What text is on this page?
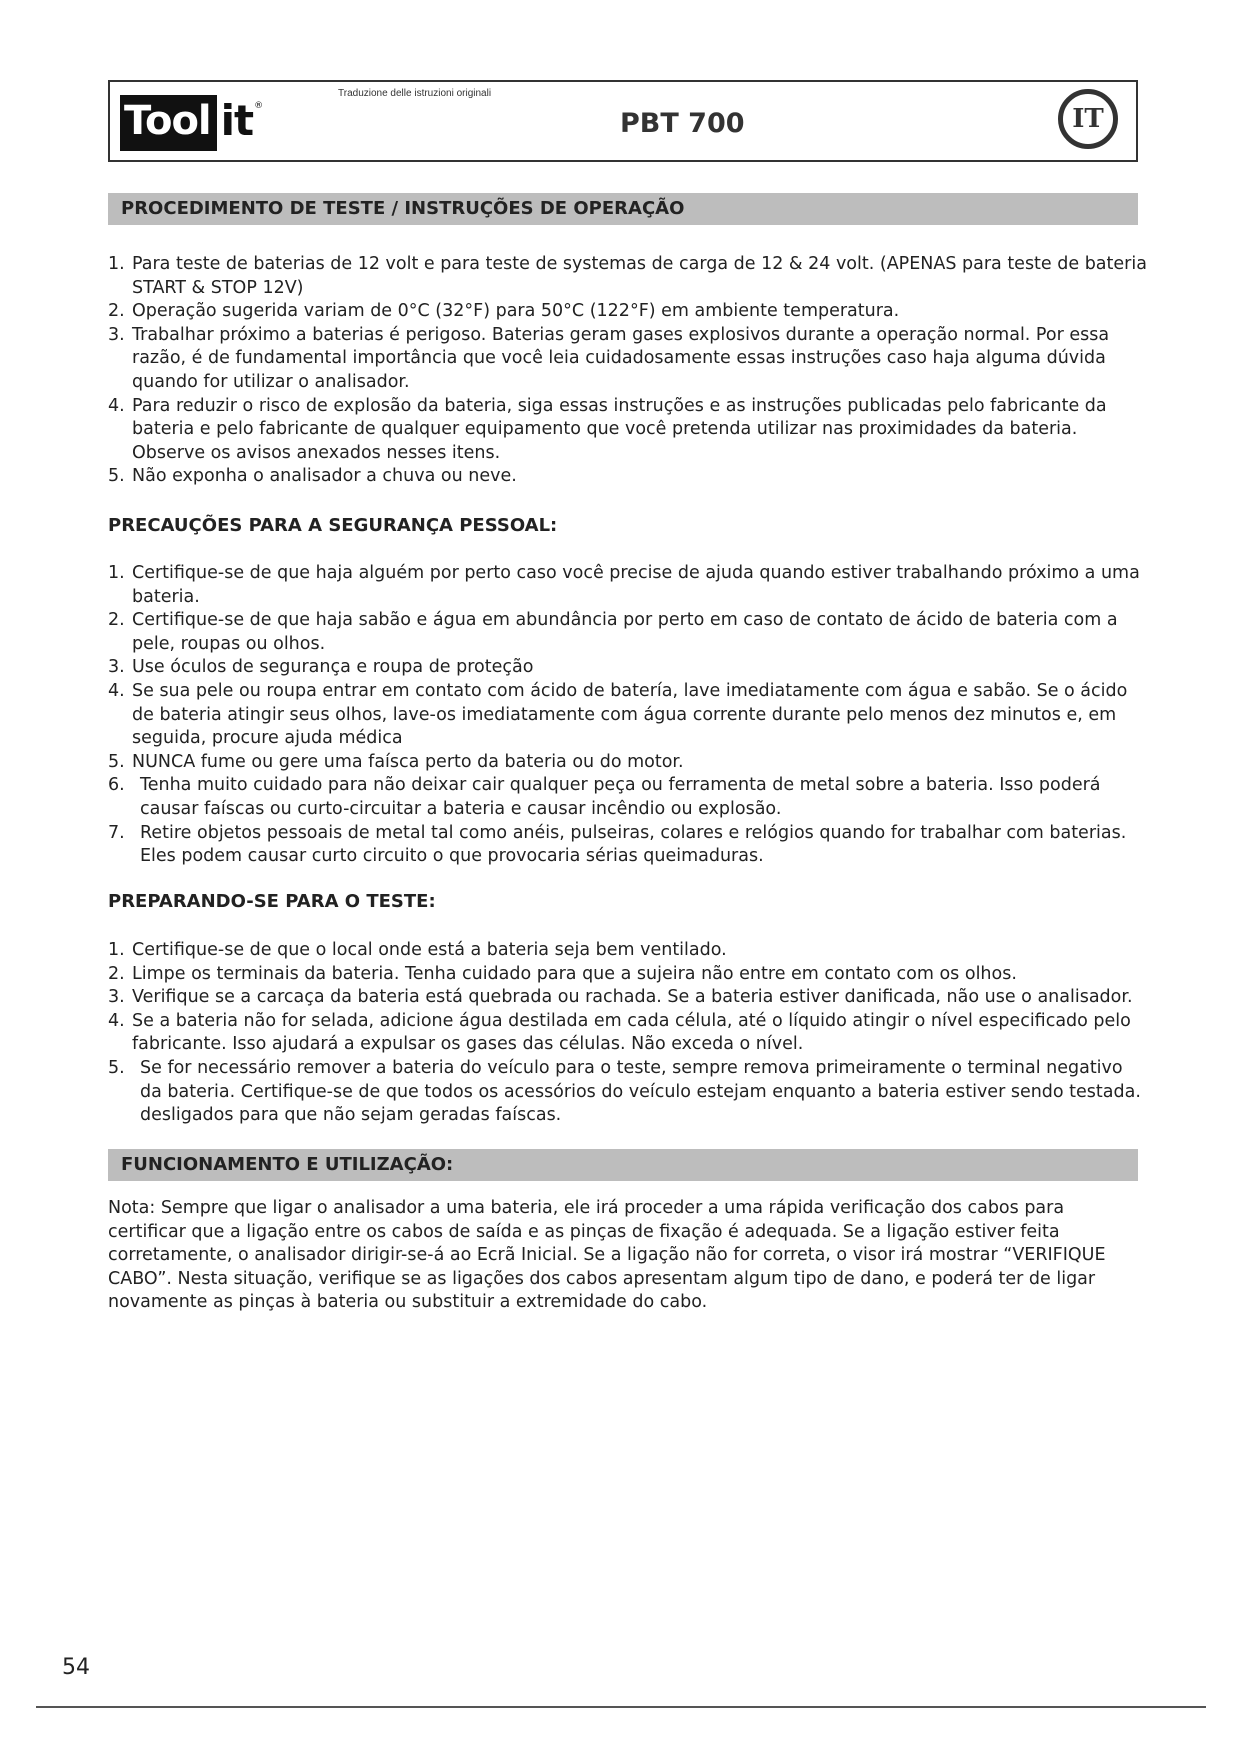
Tool it ®
Traduzione delle istruzioni originali
PBT 700	IT
PROCEDIMENTO DE TESTE / INSTRUÇÕES DE OPERAÇÃO
1. Para teste de baterias de 12 volt e para teste de systemas de carga de 12 & 24 volt. (APENAS para teste de bateria START & STOP 12V)
2. Operação sugerida variam de 0°C (32°F) para 50°C (122°F) em ambiente temperatura.
3. Trabalhar próximo a baterias é perigoso. Baterias geram gases explosivos durante a operação normal. Por essa razão, é de fundamental importância que você leia cuidadosamente essas instruções caso haja alguma dúvida quando for utilizar o analisador.
4. Para reduzir o risco de explosão da bateria, siga essas instruções e as instruções publicadas pelo fabricante da bateria e pelo fabricante de qualquer equipamento que você pretenda utilizar nas proximidades da bateria. Observe os avisos anexados nesses itens.
5. Não exponha o analisador a chuva ou neve.
PRECAUÇÕES PARA A SEGURANÇA PESSOAL:
1. Certifique-se de que haja alguém por perto caso você precise de ajuda quando estiver trabalhando próximo a uma bateria.
2. Certifique-se de que haja sabão e água em abundância por perto em caso de contato de ácido de bateria com a pele, roupas ou olhos.
3. Use óculos de segurança e roupa de proteção
4. Se sua pele ou roupa entrar em contato com ácido de batería, lave imediatamente com água e sabão. Se o ácido de bateria atingir seus olhos, lave-os imediatamente com água corrente durante pelo menos dez minutos e, em seguida, procure ajuda médica
5. NUNCA fume ou gere uma faísca perto da bateria ou do motor.
6. Tenha muito cuidado para não deixar cair qualquer peça ou ferramenta de metal sobre a bateria. Isso poderá causar faíscas ou curto-circuitar a bateria e causar incêndio ou explosão.
7. Retire objetos pessoais de metal tal como anéis, pulseiras, colares e relógios quando for trabalhar com baterias. Eles podem causar curto circuito o que provocaria sérias queimaduras.
PREPARANDO-SE PARA O TESTE:
1. Certifique-se de que o local onde está a bateria seja bem ventilado.
2. Limpe os terminais da bateria. Tenha cuidado para que a sujeira não entre em contato com os olhos.
3. Verifique se a carcaça da bateria está quebrada ou rachada. Se a bateria estiver danificada, não use o analisador.
4. Se a bateria não for selada, adicione água destilada em cada célula, até o líquido atingir o nível especificado pelo fabricante. Isso ajudará a expulsar os gases das células. Não exceda o nível.
5. Se for necessário remover a bateria do veículo para o teste, sempre remova primeiramente o terminal negativo da bateria. Certifique-se de que todos os acessórios do veículo estejam enquanto a bateria estiver sendo testada. desligados para que não sejam geradas faíscas.
FUNCIONAMENTO E UTILIZAÇÃO:

Nota: Sempre que ligar o analisador a uma bateria, ele irá proceder a uma rápida verificação dos cabos para certificar que a ligação entre os cabos de saída e as pinças de fixação é adequada. Se a ligação estiver feita corretamente, o analisador dirigir-se-á ao Ecrã Inicial. Se a ligação não for correta, o visor irá mostrar “VERIFIQUE CABO”. Nesta situação, verifique se as ligações dos cabos apresentam algum tipo de dano, e poderá ter de ligar novamente as pinças à bateria ou substituir a extremidade do cabo.

54
